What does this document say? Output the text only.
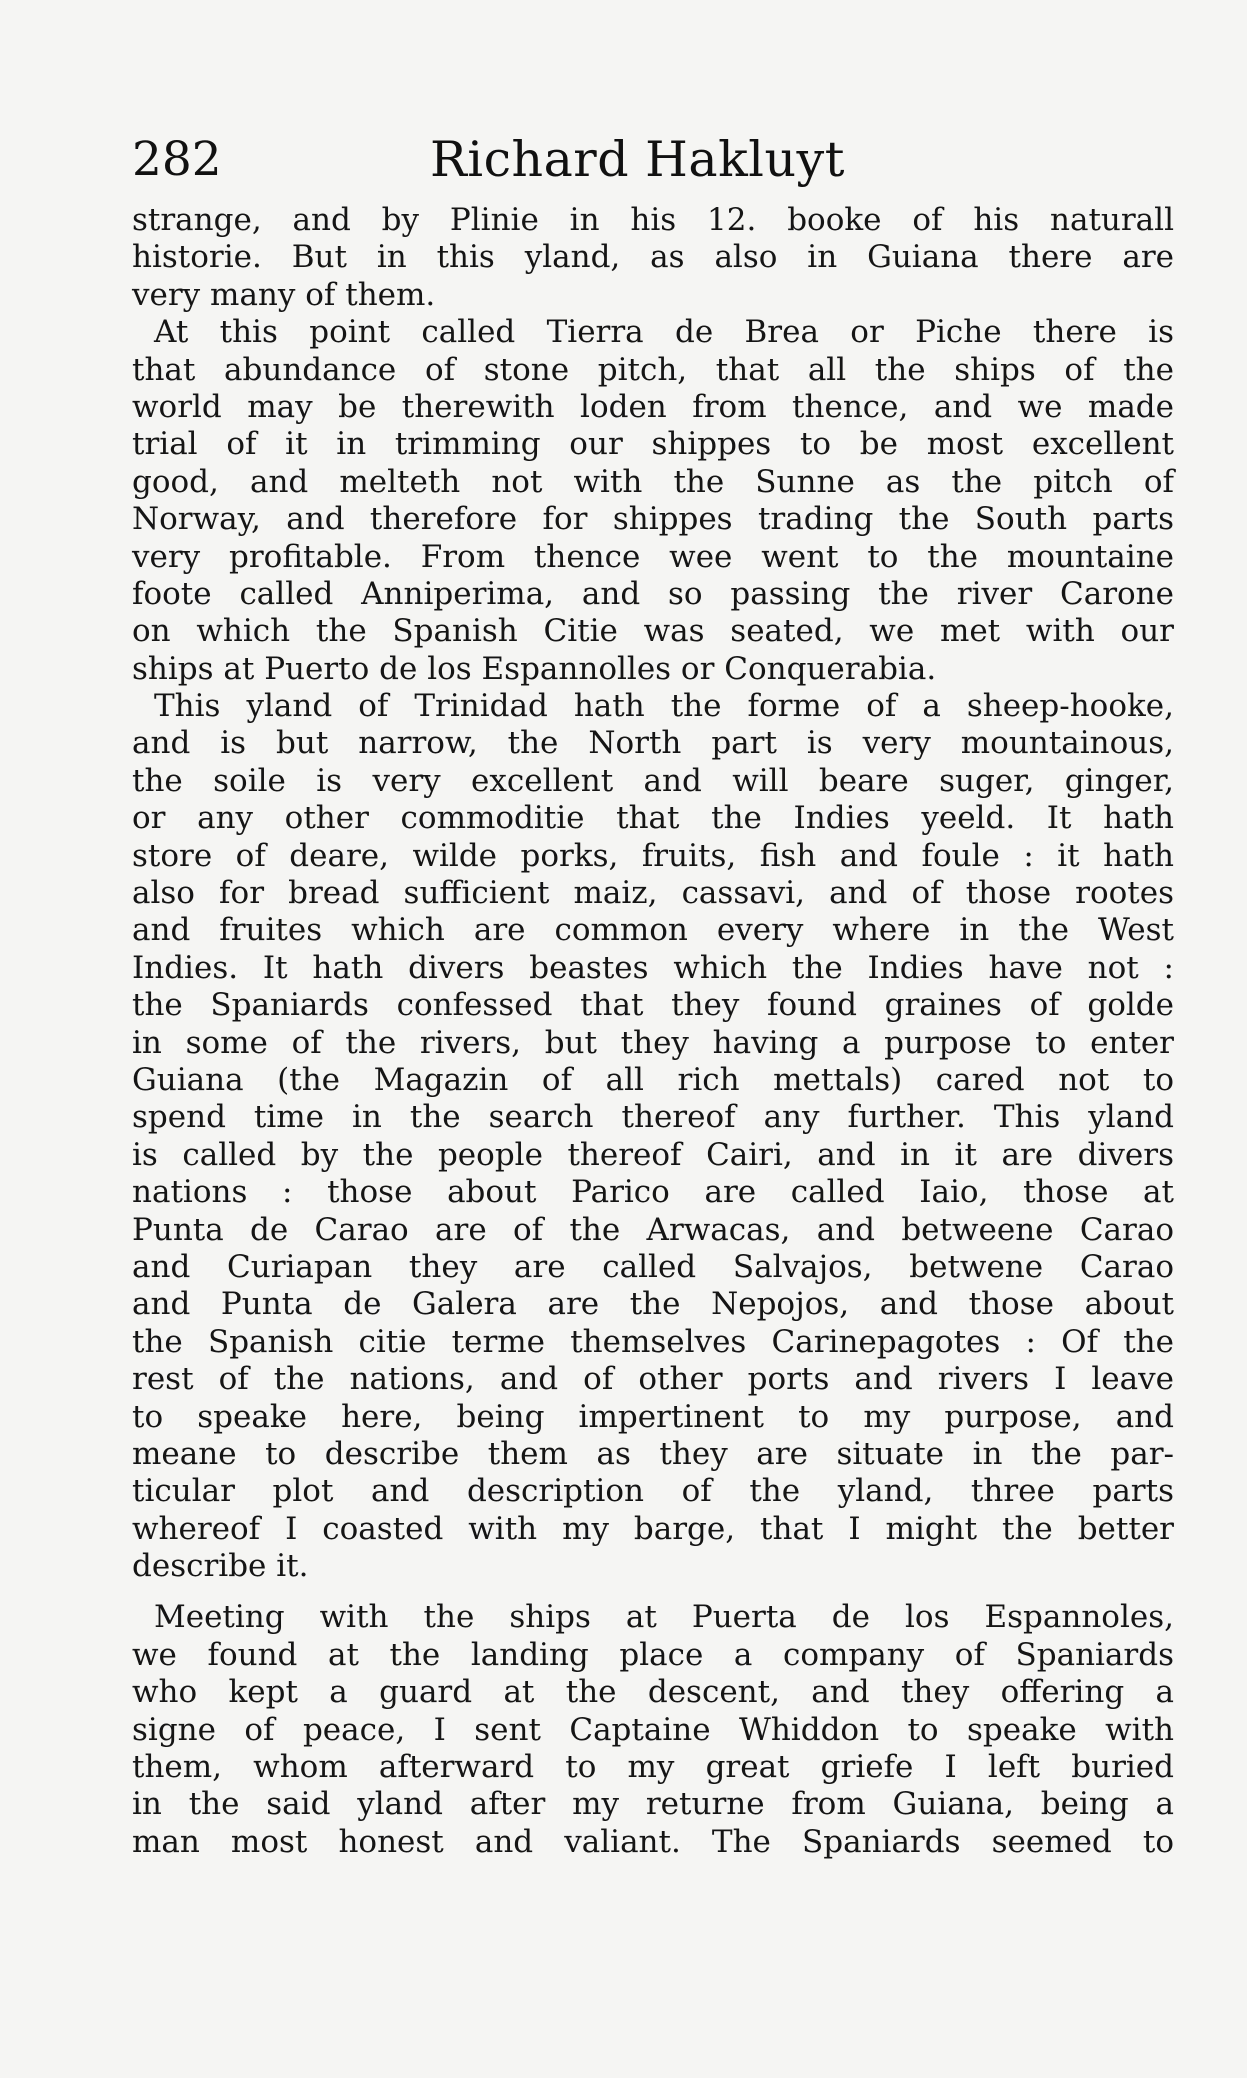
282	Richard Hakluyt
strange, and by Plinie in his 12. booke of his naturall
historie. But in this yland, as also in Guiana there are
very many of them.
At this point called Tierra de Brea or Piche there is
that abundance of stone pitch, that all the ships of the
world may be therewith loden from thence, and we made
trial of it in trimming our shippes to be most excellent
good, and melteth not with the Sunne as the pitch of
Norway, and therefore for shippes trading the South parts
very profitable. From thence wee went to the mountaine
foote called Anniperima, and so passing the river Carone
on which the Spanish Citie was seated, we met with our
ships at Puerto de los Espannolles or Conquerabia.
This yland of Trinidad hath the forme of a sheep-hooke,
and is but narrow, the North part is very mountainous,
the soile is very excellent and will beare suger, ginger,
or any other commoditie that the Indies yeeld. It hath
store of deare, wilde porks, fruits, fish and foule : it hath
also for bread sufficient maiz, cassavi, and of those rootes
and fruites which are common every where in the West
Indies. It hath divers beastes which the Indies have not :
the Spaniards confessed that they found graines of golde
in some of the rivers, but they having a purpose to enter
Guiana (the Magazin of all rich mettals) cared not to
spend time in the search thereof any further. This yland
is called by the people thereof Cairi, and in it are divers
nations : those about Parico are called Iaio, those at
Punta de Carao are of the Arwacas, and betweene Carao
and Curiapan they are called Salvajos, betwene Carao
and Punta de Galera are the Nepojos, and those about
the Spanish citie terme themselves Carinepagotes : Of the
rest of the nations, and of other ports and rivers I leave
to speake here, being impertinent to my purpose, and
meane to describe them as they are situate in the par-
ticular plot and description of the yland, three parts
whereof I coasted with my barge, that I might the better
describe it.
Meeting with the ships at Puerta de los Espannoles,
we found at the landing place a company of Spaniards
who kept a guard at the descent, and they offering a
signe of peace, I sent Captaine Whiddon to speake with
them, whom afterward to my great griefe I left buried
in the said yland after my returne from Guiana, being a
man most honest and valiant. The Spaniards seemed to
